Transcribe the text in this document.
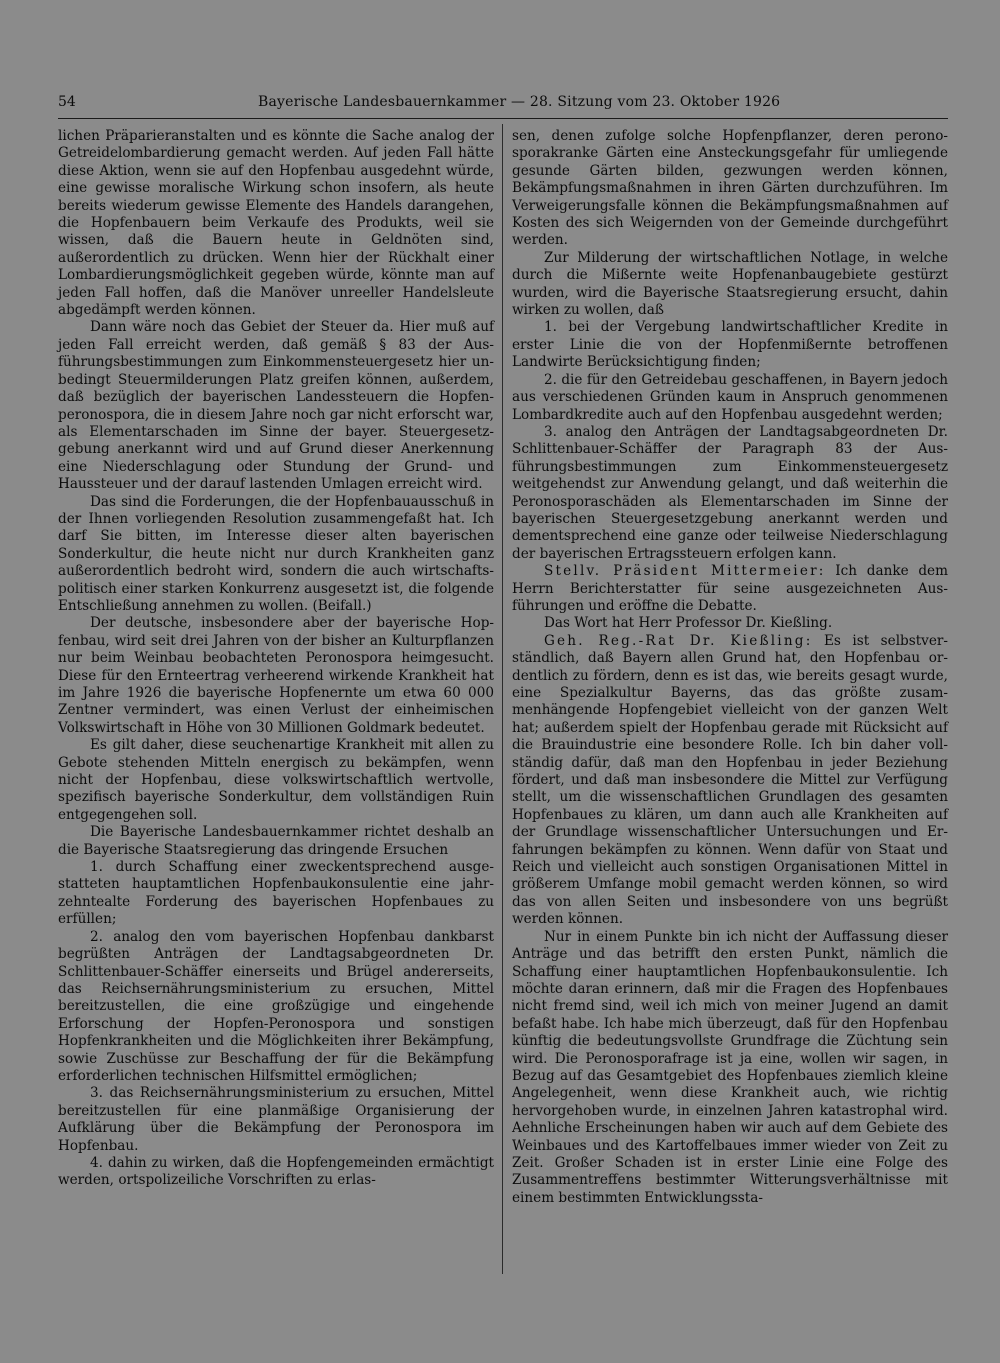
54	Bayerische Landesbauernkammer — 28. Sitzung vom 23. Oktober 1926

lichen Präparieranstalten und es könnte die Sache analog der Getreidelombardierung gemacht werden. Auf jeden Fall hätte diese Aktion, wenn sie auf den Hopfenbau ausgedehnt würde, eine gewisse moralische Wirkung schon insofern, als heute bereits wiederum gewisse Elemente des Handels darangehen, die Hopfenbauern beim Verkaufe des Produkts, weil sie wissen, daß die Bauern heute in Geldnöten sind, außerordentlich zu drücken. Wenn hier der Rückhalt einer Lombardierungsmöglichkeit gegeben würde, könnte man auf jeden Fall hoffen, daß die Manöver unreeller Handelsleute abgedämpft werden können.

Dann wäre noch das Gebiet der Steuer da. Hier muß auf jeden Fall erreicht werden, daß gemäß § 83 der Ausführungsbestimmungen zum Einkommensteuergesetz hier unbedingt Steuermilderungen Platz greifen können, außerdem, daß bezüglich der bayerischen Landessteuern die Hopfenperonospora, die in diesem Jahre noch gar nicht erforscht war, als Elementarschaden im Sinne der bayer. Steuergesetzgebung anerkannt wird und auf Grund dieser Anerkennung eine Niederschlagung oder Stundung der Grund- und Haussteuer und der darauf lastenden Umlagen erreicht wird.

Das sind die Forderungen, die der Hopfenbauausschuß in der Ihnen vorliegenden Resolution zusammengefaßt hat. Ich darf Sie bitten, im Interesse dieser alten bayerischen Sonderkultur, die heute nicht nur durch Krankheiten ganz außerordentlich bedroht wird, sondern die auch wirtschaftspolitisch einer starken Konkurrenz ausgesetzt ist, die folgende Entschließung annehmen zu wollen. (Beifall.)

Der deutsche, insbesondere aber der bayerische Hopfenbau, wird seit drei Jahren von der bisher an Kulturpflanzen nur beim Weinbau beobachteten Peronospora heimgesucht. Diese für den Ernteertrag verheerend wirkende Krankheit hat im Jahre 1926 die bayerische Hopfenernte um etwa 60 000 Zentner vermindert, was einen Verlust der einheimischen Volkswirtschaft in Höhe von 30 Millionen Goldmark bedeutet.

Es gilt daher, diese seuchenartige Krankheit mit allen zu Gebote stehenden Mitteln energisch zu bekämpfen, wenn nicht der Hopfenbau, diese volkswirtschaftlich wertvolle, spezifisch bayerische Sonderkultur, dem vollständigen Ruin entgegengehen soll.

Die Bayerische Landesbauernkammer richtet deshalb an die Bayerische Staatsregierung das dringende Ersuchen

1. durch Schaffung einer zweckentsprechend ausgestatteten hauptamtlichen Hopfenbaukonsulentie eine jahrzehntealte Forderung des bayerischen Hopfenbaues zu erfüllen;

2. analog den vom bayerischen Hopfenbau dankbarst begrüßten Anträgen der Landtagsabgeordneten Dr. Schlittenbauer-Schäffer einerseits und Brügel andererseits, das Reichsernährungsministerium zu ersuchen, Mittel bereitzustellen, die eine großzügige und eingehende Erforschung der Hopfen-Peronospora und sonstigen Hopfenkrankheiten und die Möglichkeiten ihrer Bekämpfung, sowie Zuschüsse zur Beschaffung der für die Bekämpfung erforderlichen technischen Hilfsmittel ermöglichen;

3. das Reichsernährungsministerium zu ersuchen, Mittel bereitzustellen für eine planmäßige Organisierung der Aufklärung über die Bekämpfung der Peronospora im Hopfenbau.

4. dahin zu wirken, daß die Hopfengemeinden ermächtigt werden, ortspolizeiliche Vorschriften zu erlas-

sen, denen zufolge solche Hopfenpflanzer, deren peronosporakranke Gärten eine Ansteckungsgefahr für umliegende gesunde Gärten bilden, gezwungen werden können, Bekämpfungsmaßnahmen in ihren Gärten durchzuführen. Im Verweigerungsfalle können die Bekämpfungsmaßnahmen auf Kosten des sich Weigernden von der Gemeinde durchgeführt werden.

Zur Milderung der wirtschaftlichen Notlage, in welche durch die Mißernte weite Hopfenanbaugebiete gestürzt wurden, wird die Bayerische Staatsregierung ersucht, dahin wirken zu wollen, daß

1. bei der Vergebung landwirtschaftlicher Kredite in erster Linie die von der Hopfenmißernte betroffenen Landwirte Berücksichtigung finden;

2. die für den Getreidebau geschaffenen, in Bayern jedoch aus verschiedenen Gründen kaum in Anspruch genommenen Lombardkredite auch auf den Hopfenbau ausgedehnt werden;

3. analog den Anträgen der Landtagsabgeordneten Dr. Schlittenbauer-Schäffer der Paragraph 83 der Ausführungsbestimmungen zum Einkommensteuergesetz weitgehendst zur Anwendung gelangt, und daß weiterhin die Peronosporaschäden als Elementarschaden im Sinne der bayerischen Steuergesetzgebung anerkannt werden und dementsprechend eine ganze oder teilweise Niederschlagung der bayerischen Ertragssteuern erfolgen kann.

Stellv. Präsident Mittermeier: Ich danke dem Herrn Berichterstatter für seine ausgezeichneten Ausführungen und eröffne die Debatte.

Das Wort hat Herr Professor Dr. Kießling.

Geh. Reg.-Rat Dr. Kießling: Es ist selbstverständlich, daß Bayern allen Grund hat, den Hopfenbau ordentlich zu fördern, denn es ist das, wie bereits gesagt wurde, eine Spezialkultur Bayerns, das das größte zusammenhängende Hopfengebiet vielleicht von der ganzen Welt hat; außerdem spielt der Hopfenbau gerade mit Rücksicht auf die Brauindustrie eine besondere Rolle. Ich bin daher vollständig dafür, daß man den Hopfenbau in jeder Beziehung fördert, und daß man insbesondere die Mittel zur Verfügung stellt, um die wissenschaftlichen Grundlagen des gesamten Hopfenbaues zu klären, um dann auch alle Krankheiten auf der Grundlage wissenschaftlicher Untersuchungen und Erfahrungen bekämpfen zu können. Wenn dafür von Staat und Reich und vielleicht auch sonstigen Organisationen Mittel in größerem Umfange mobil gemacht werden können, so wird das von allen Seiten und insbesondere von uns begrüßt werden können.

Nur in einem Punkte bin ich nicht der Auffassung dieser Anträge und das betrifft den ersten Punkt, nämlich die Schaffung einer hauptamtlichen Hopfenbaukonsulentie. Ich möchte daran erinnern, daß mir die Fragen des Hopfenbaues nicht fremd sind, weil ich mich von meiner Jugend an damit befaßt habe. Ich habe mich überzeugt, daß für den Hopfenbau künftig die bedeutungsvollste Grundfrage die Züchtung sein wird. Die Peronosporafrage ist ja eine, wollen wir sagen, in Bezug auf das Gesamtgebiet des Hopfenbaues ziemlich kleine Angelegenheit, wenn diese Krankheit auch, wie richtig hervorgehoben wurde, in einzelnen Jahren katastrophal wird. Aehnliche Erscheinungen haben wir auch auf dem Gebiete des Weinbaues und des Kartoffelbaues immer wieder von Zeit zu Zeit. Großer Schaden ist in erster Linie eine Folge des Zusammentreffens bestimmter Witterungsverhältnisse mit einem bestimmten Entwicklungssta-
